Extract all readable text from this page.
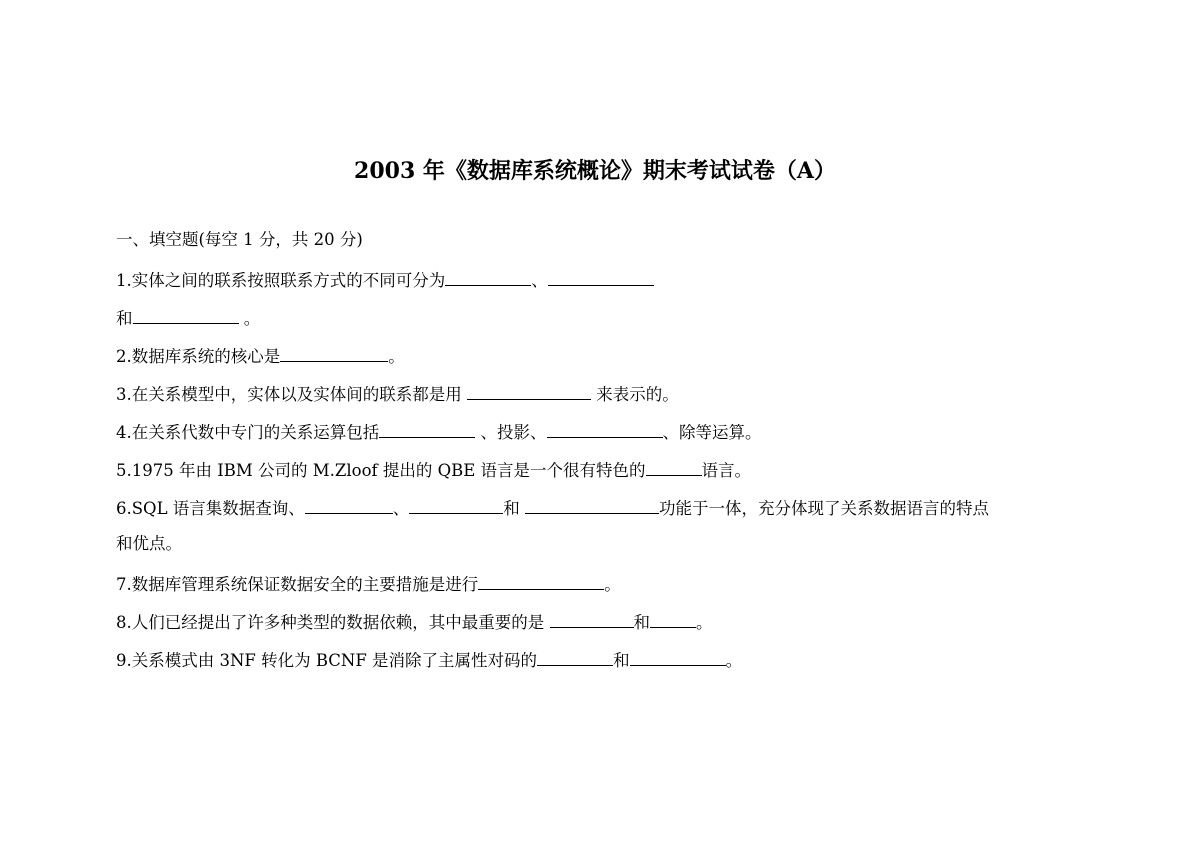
2003 年《数据库系统概论》期末考试试卷（A）
一、填空题(每空 1 分，共 20 分)
1.实体之间的联系按照联系方式的不同可分为	、
和	。
2.数据库系统的核心是	。
3.在关系模型中，实体以及实体间的联系都是用	来表示的。
4.在关系代数中专门的关系运算包括	、投影、	、除等运算。
5.1975 年由 IBM 公司的 M.Zloof 提出的 QBE 语言是一个很有特色的	语言。
6.SQL 语言集数据查询、	、	和	功能于一体，充分体现了关系数据语言的特点
和优点。
7.数据库管理系统保证数据安全的主要措施是进行	。
8.人们已经提出了许多种类型的数据依赖，其中最重要的是	和	。
9.关系模式由 3NF 转化为 BCNF 是消除了主属性对码的	和	。
